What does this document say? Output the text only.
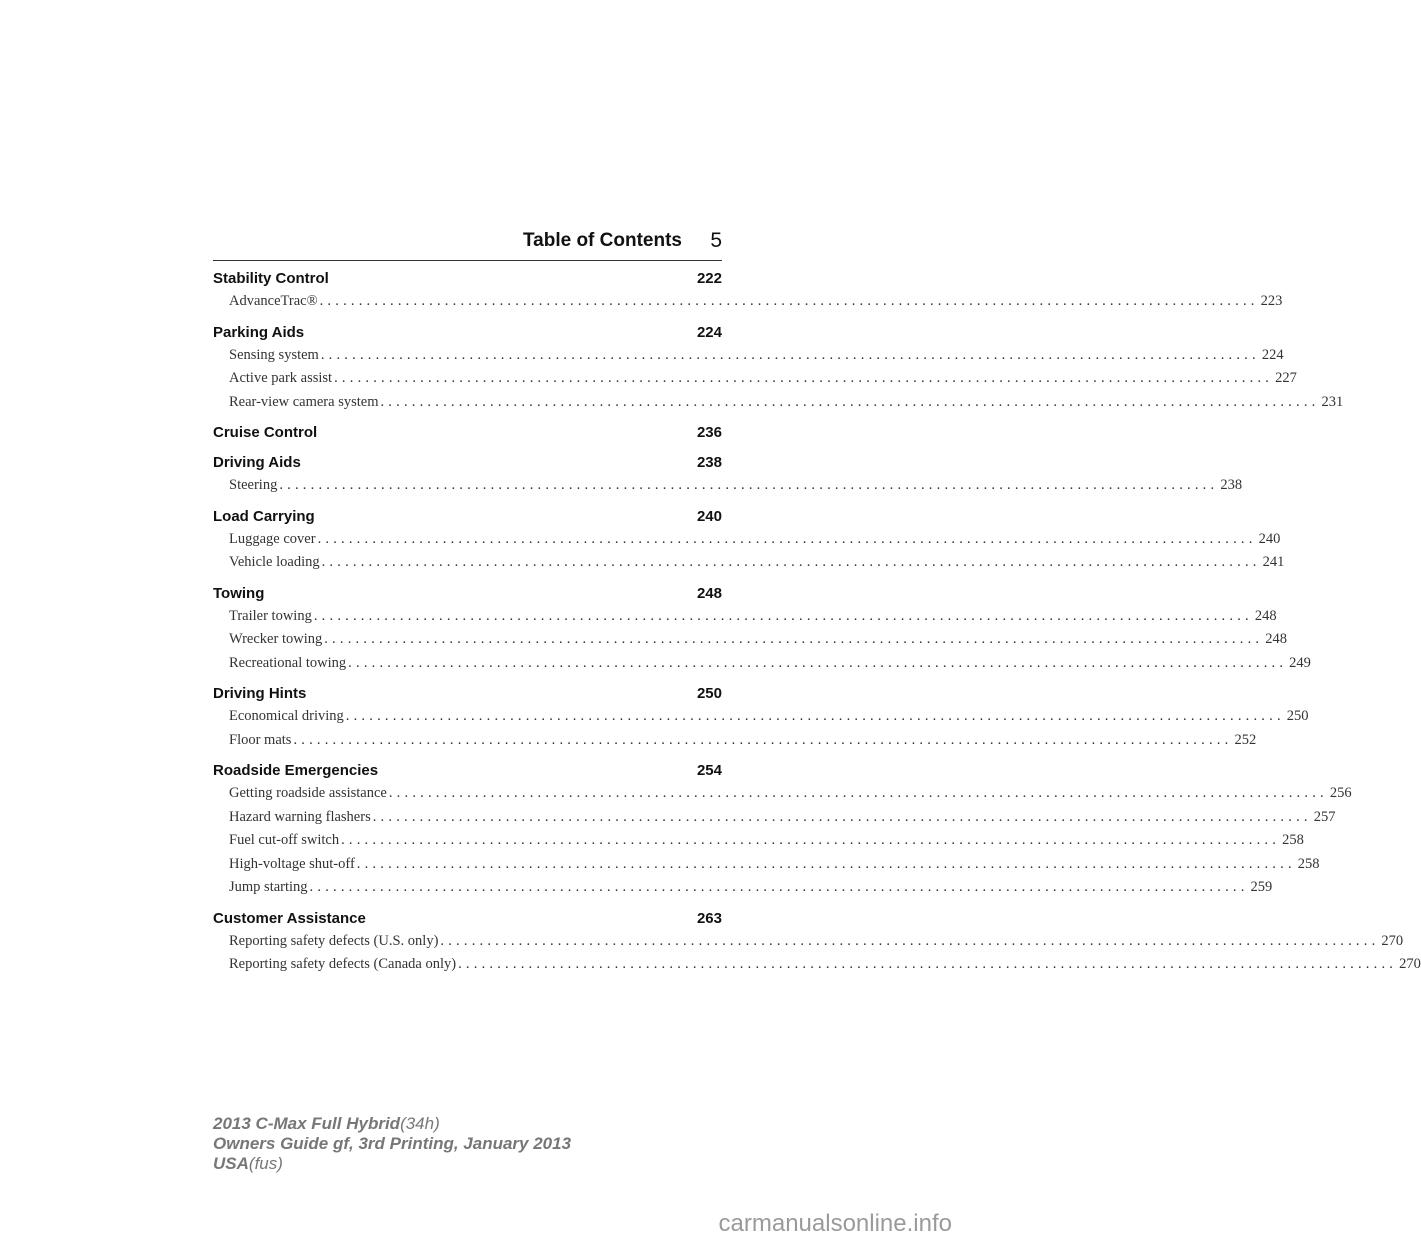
Table of Contents 5
Stability Control	222
AdvanceTrac® ........................................................................................................................ 223
Parking Aids	224
Sensing system ........................................................................................................................ 224
Active park assist ........................................................................................................................ 227
Rear-view camera system ........................................................................................................................ 231
Cruise Control	236
Driving Aids	238
Steering ........................................................................................................................ 238
Load Carrying	240
Luggage cover ........................................................................................................................ 240
Vehicle loading ........................................................................................................................ 241
Towing	248
Trailer towing ........................................................................................................................ 248
Wrecker towing ........................................................................................................................ 248
Recreational towing ........................................................................................................................ 249
Driving Hints	250
Economical driving ........................................................................................................................ 250
Floor mats ........................................................................................................................ 252
Roadside Emergencies	254
Getting roadside assistance ........................................................................................................................ 256
Hazard warning flashers ........................................................................................................................ 257
Fuel cut-off switch ........................................................................................................................ 258
High-voltage shut-off ........................................................................................................................ 258
Jump starting ........................................................................................................................ 259
Customer Assistance	263
Reporting safety defects (U.S. only) ........................................................................................................................ 270
Reporting safety defects (Canada only) ........................................................................................................................ 270
2013 C-Max Full Hybrid(34h)
Owners Guide gf, 3rd Printing, January 2013
USA(fus)
carmanualsonline.info
